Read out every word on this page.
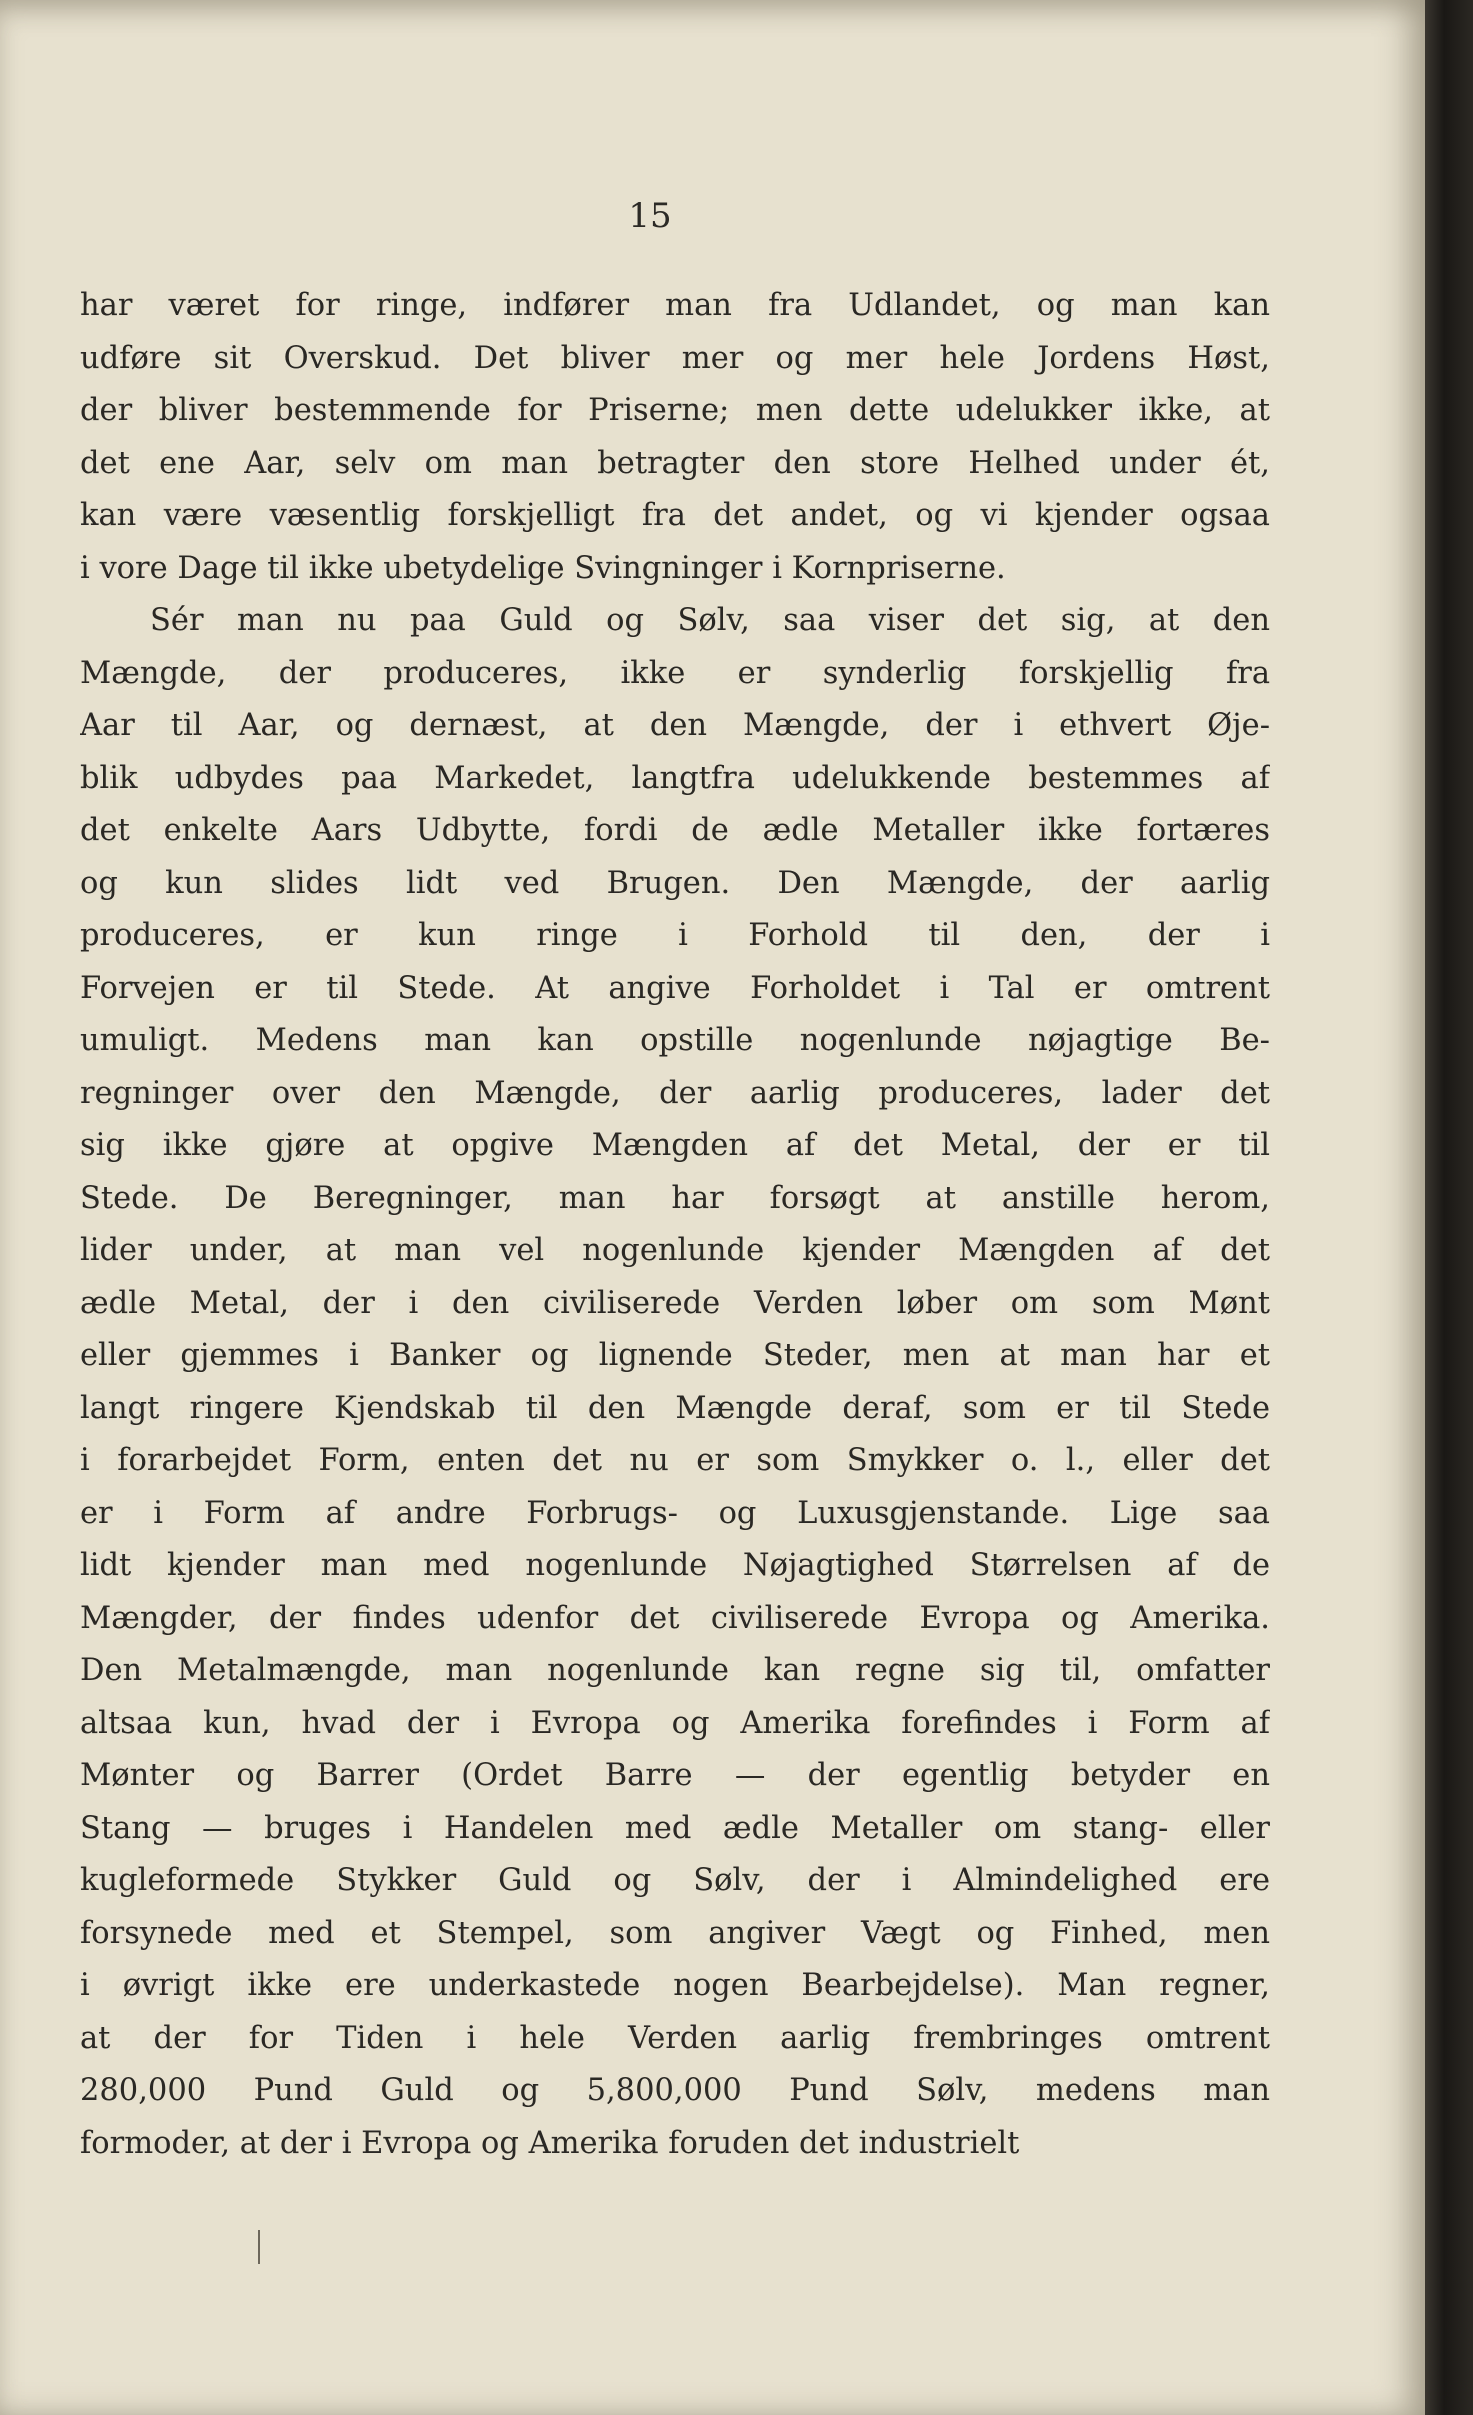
15
har været for ringe, indfører man fra Udlandet, og man kan
udføre sit Overskud. Det bliver mer og mer hele Jordens Høst,
der bliver bestemmende for Priserne; men dette udelukker ikke, at
det ene Aar, selv om man betragter den store Helhed under ét,
kan være væsentlig forskjelligt fra det andet, og vi kjender ogsaa
i vore Dage til ikke ubetydelige Svingninger i Kornpriserne.
Sér man nu paa Guld og Sølv, saa viser det sig, at den
Mængde, der produceres, ikke er synderlig forskjellig fra
Aar til Aar, og dernæst, at den Mængde, der i ethvert Øje-
blik udbydes paa Markedet, langtfra udelukkende bestemmes af
det enkelte Aars Udbytte, fordi de ædle Metaller ikke fortæres
og kun slides lidt ved Brugen. Den Mængde, der aarlig
produceres, er kun ringe i Forhold til den, der i
Forvejen er til Stede. At angive Forholdet i Tal er omtrent
umuligt. Medens man kan opstille nogenlunde nøjagtige Be-
regninger over den Mængde, der aarlig produceres, lader det
sig ikke gjøre at opgive Mængden af det Metal, der er til
Stede. De Beregninger, man har forsøgt at anstille herom,
lider under, at man vel nogenlunde kjender Mængden af det
ædle Metal, der i den civiliserede Verden løber om som Mønt
eller gjemmes i Banker og lignende Steder, men at man har et
langt ringere Kjendskab til den Mængde deraf, som er til Stede
i forarbejdet Form, enten det nu er som Smykker o. l., eller det
er i Form af andre Forbrugs- og Luxusgjenstande. Lige saa
lidt kjender man med nogenlunde Nøjagtighed Størrelsen af de
Mængder, der findes udenfor det civiliserede Evropa og Amerika.
Den Metalmængde, man nogenlunde kan regne sig til, omfatter
altsaa kun, hvad der i Evropa og Amerika forefindes i Form af
Mønter og Barrer (Ordet Barre — der egentlig betyder en
Stang — bruges i Handelen med ædle Metaller om stang- eller
kugleformede Stykker Guld og Sølv, der i Almindelighed ere
forsynede med et Stempel, som angiver Vægt og Finhed, men
i øvrigt ikke ere underkastede nogen Bearbejdelse). Man regner,
at der for Tiden i hele Verden aarlig frembringes omtrent
280,000 Pund Guld og 5,800,000 Pund Sølv, medens man
formoder, at der i Evropa og Amerika foruden det industrielt
